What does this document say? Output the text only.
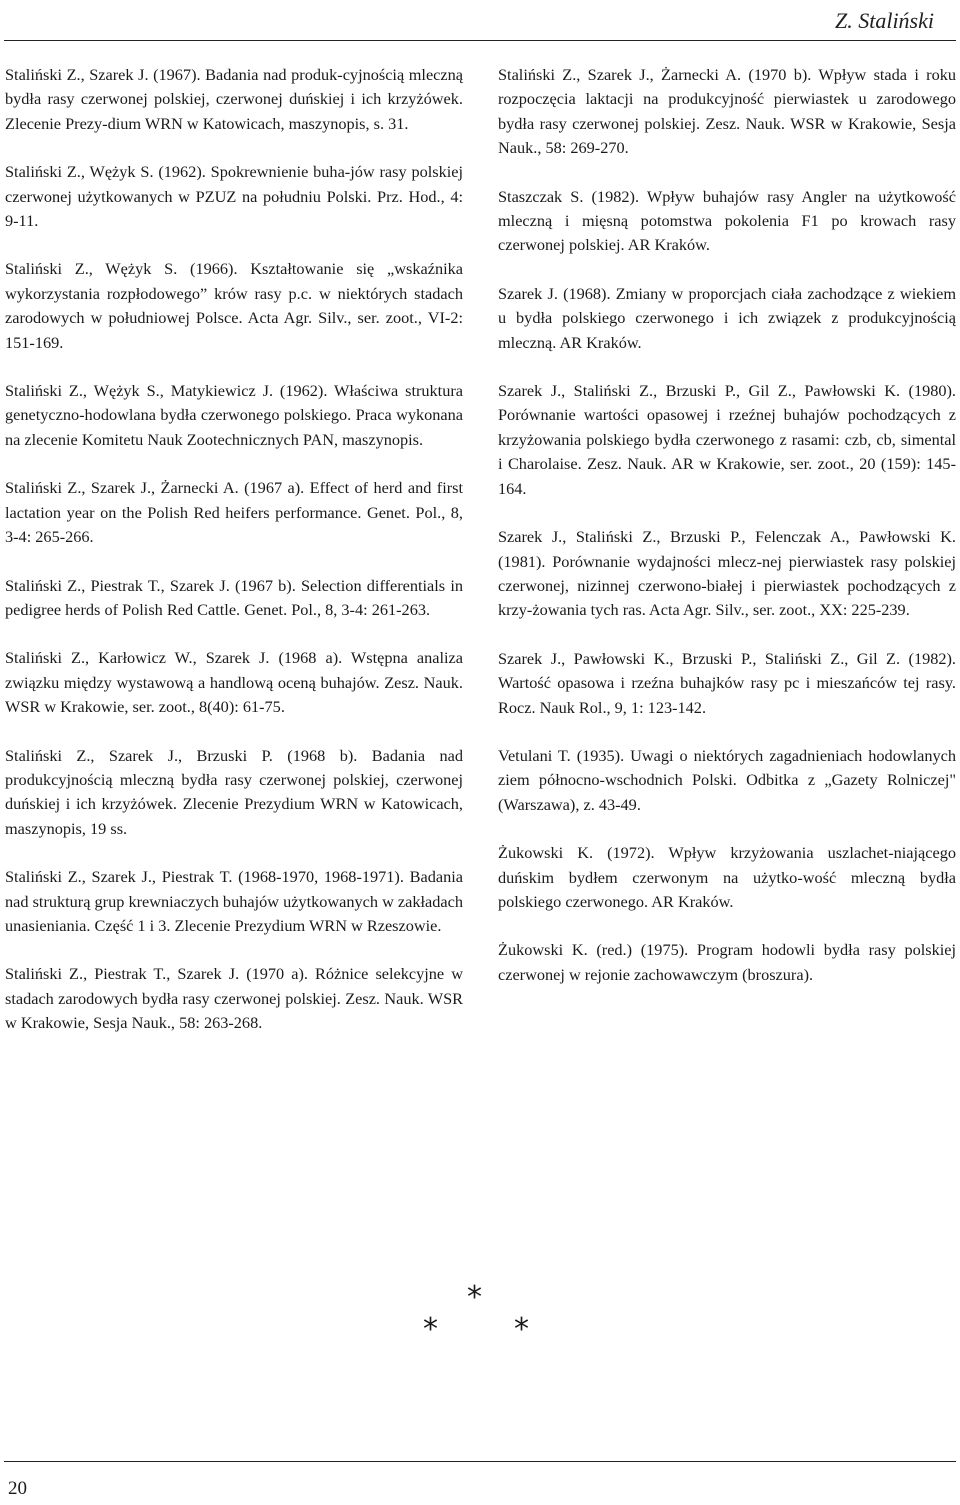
Z. Staliński

Staliński Z., Szarek J. (1967). Badania nad produk-cyjnością mleczną bydła rasy czerwonej polskiej, czerwonej duńskiej i ich krzyżówek. Zlecenie Prezy-dium WRN w Katowicach, maszynopis, s. 31.

Staliński Z., Wężyk S. (1962). Spokrewnienie buha-jów rasy polskiej czerwonej użytkowanych w PZUZ na południu Polski. Prz. Hod., 4: 9-11.

Staliński Z., Wężyk S. (1966). Kształtowanie się „wskaźnika wykorzystania rozpłodowego” krów rasy p.c. w niektórych stadach zarodowych w południowej Polsce. Acta Agr. Silv., ser. zoot., VI-2: 151-169.

Staliński Z., Wężyk S., Matykiewicz J. (1962). Właściwa struktura genetyczno-hodowlana bydła czerwonego polskiego. Praca wykonana na zlecenie Komitetu Nauk Zootechnicznych PAN, maszynopis.

Staliński Z., Szarek J., Żarnecki A. (1967 a). Effect of herd and first lactation year on the Polish Red heifers performance. Genet. Pol., 8, 3-4: 265-266.

Staliński Z., Piestrak T., Szarek J. (1967 b). Selection differentials in pedigree herds of Polish Red Cattle. Genet. Pol., 8, 3-4: 261-263.

Staliński Z., Karłowicz W., Szarek J. (1968 a). Wstępna analiza związku między wystawową a handlową oceną buhajów. Zesz. Nauk. WSR w Krakowie, ser. zoot., 8(40): 61-75.

Staliński Z., Szarek J., Brzuski P. (1968 b). Badania nad produkcyjnością mleczną bydła rasy czerwonej polskiej, czerwonej duńskiej i ich krzyżówek. Zlecenie Prezydium WRN w Katowicach, maszynopis, 19 ss.

Staliński Z., Szarek J., Piestrak T. (1968-1970, 1968-1971). Badania nad strukturą grup krewniaczych buhajów użytkowanych w zakładach unasieniania. Część 1 i 3. Zlecenie Prezydium WRN w Rzeszowie.

Staliński Z., Piestrak T., Szarek J. (1970 a). Różnice selekcyjne w stadach zarodowych bydła rasy czerwonej polskiej. Zesz. Nauk. WSR w Krakowie, Sesja Nauk., 58: 263-268.

Staliński Z., Szarek J., Żarnecki A. (1970 b). Wpływ stada i roku rozpoczęcia laktacji na produkcyjność pierwiastek u zarodowego bydła rasy czerwonej polskiej. Zesz. Nauk. WSR w Krakowie, Sesja Nauk., 58: 269-270.

Staszczak S. (1982). Wpływ buhajów rasy Angler na użytkowość mleczną i mięsną potomstwa pokolenia F1 po krowach rasy czerwonej polskiej. AR Kraków.

Szarek J. (1968). Zmiany w proporcjach ciała zachodzące z wiekiem u bydła polskiego czerwonego i ich związek z produkcyjnością mleczną. AR Kraków.

Szarek J., Staliński Z., Brzuski P., Gil Z., Pawłowski K. (1980). Porównanie wartości opasowej i rzeźnej buhajów pochodzących z krzyżowania polskiego bydła czerwonego z rasami: czb, cb, simental i Charolaise. Zesz. Nauk. AR w Krakowie, ser. zoot., 20 (159): 145-164.

Szarek J., Staliński Z., Brzuski P., Felenczak A., Pawłowski K. (1981). Porównanie wydajności mlecz-nej pierwiastek rasy polskiej czerwonej, nizinnej czerwono-białej i pierwiastek pochodzących z krzy-żowania tych ras. Acta Agr. Silv., ser. zoot., XX: 225-239.

Szarek J., Pawłowski K., Brzuski P., Staliński Z., Gil Z. (1982). Wartość opasowa i rzeźna buhajków rasy pc i mieszańców tej rasy. Rocz. Nauk Rol., 9, 1: 123-142.

Vetulani T. (1935). Uwagi o niektórych zagadnieniach hodowlanych ziem północno-wschodnich Polski. Odbitka z „Gazety Rolniczej" (Warszawa), z. 43-49.

Żukowski K. (1972). Wpływ krzyżowania uszlachet-niającego duńskim bydłem czerwonym na użytko-wość mleczną bydła polskiego czerwonego. AR Kraków.

Żukowski K. (red.) (1975). Program hodowli bydła rasy polskiej czerwonej w rejonie zachowawczym (broszura).

*
*	*
20
